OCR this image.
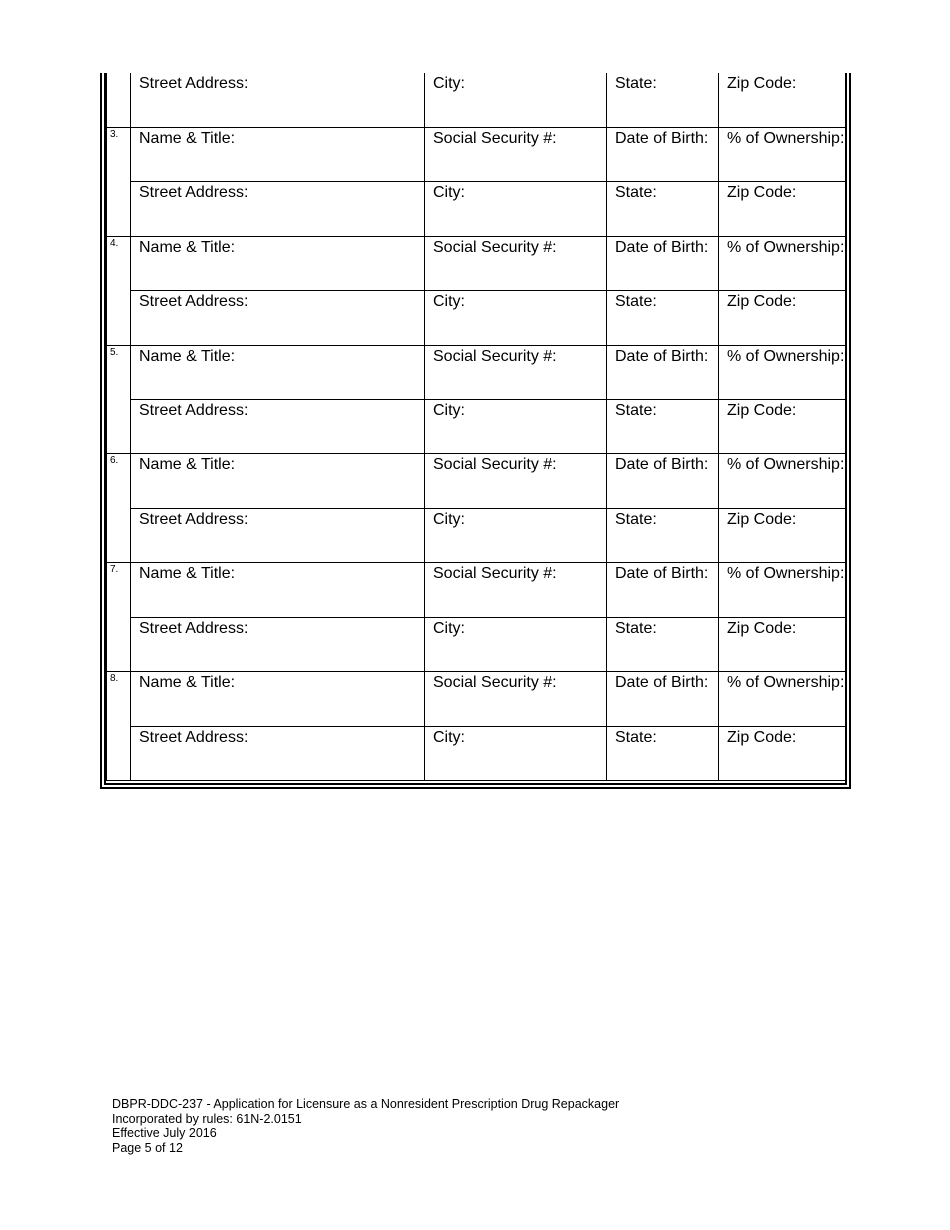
	Street Address:	City:	State:	Zip Code:
3.	Name & Title:	Social Security #:	Date of Birth:	% of Ownership:
	Street Address:	City:	State:	Zip Code:
4.	Name & Title:	Social Security #:	Date of Birth:	% of Ownership:
	Street Address:	City:	State:	Zip Code:
5.	Name & Title:	Social Security #:	Date of Birth:	% of Ownership:
	Street Address:	City:	State:	Zip Code:
6.	Name & Title:	Social Security #:	Date of Birth:	% of Ownership:
	Street Address:	City:	State:	Zip Code:
7.	Name & Title:	Social Security #:	Date of Birth:	% of Ownership:
	Street Address:	City:	State:	Zip Code:
8.	Name & Title:	Social Security #:	Date of Birth:	% of Ownership:
	Street Address:	City:	State:	Zip Code:
DBPR-DDC-237 - Application for Licensure as a Nonresident Prescription Drug Repackager
Incorporated by rules: 61N-2.0151
Effective July 2016
Page 5 of 12
